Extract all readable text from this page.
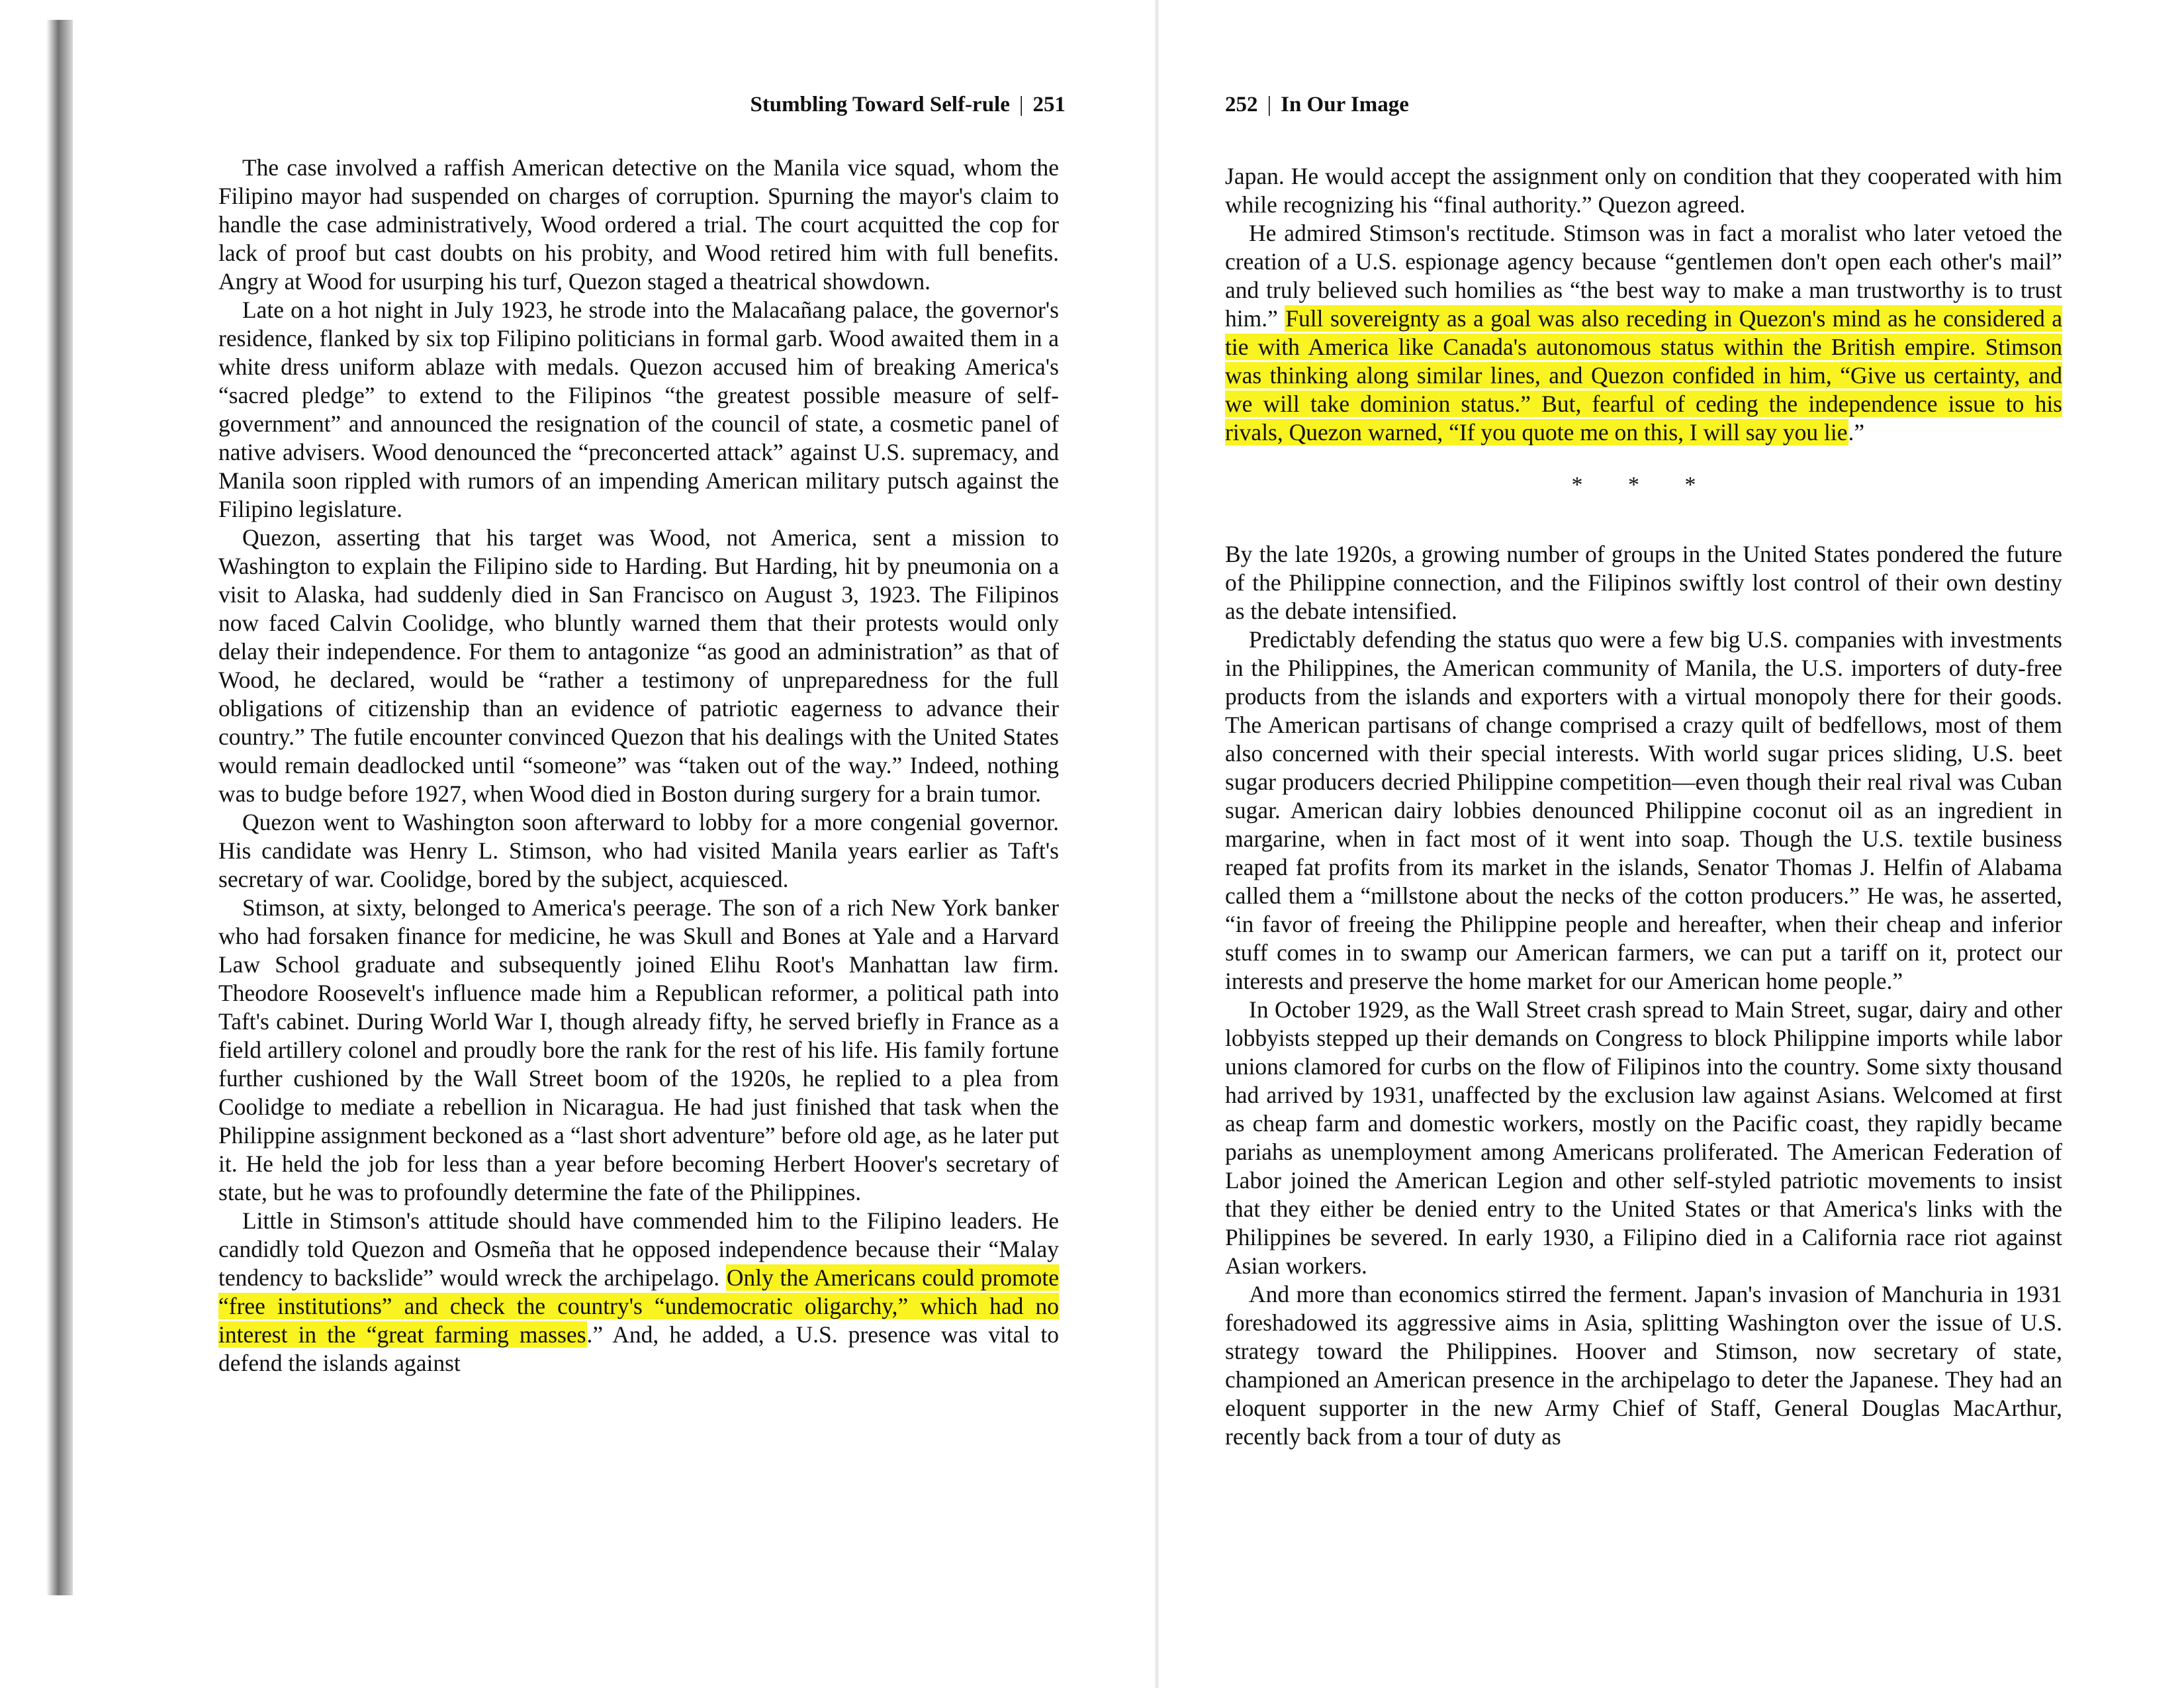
Stumbling Toward Self-rule | 251

The case involved a raffish American detective on the Manila vice squad, whom the Filipino mayor had suspended on charges of corruption. Spurning the mayor's claim to handle the case administratively, Wood ordered a trial. The court acquitted the cop for lack of proof but cast doubts on his probity, and Wood retired him with full benefits. Angry at Wood for usurping his turf, Quezon staged a theatrical showdown.

Late on a hot night in July 1923, he strode into the Malacañang palace, the governor's residence, flanked by six top Filipino politicians in formal garb. Wood awaited them in a white dress uniform ablaze with medals. Quezon accused him of breaking America's “sacred pledge” to extend to the Filipinos “the greatest possible measure of self-government” and announced the resignation of the council of state, a cosmetic panel of native advisers. Wood denounced the “preconcerted attack” against U.S. supremacy, and Manila soon rippled with rumors of an impending American military putsch against the Filipino legislature.

Quezon, asserting that his target was Wood, not America, sent a mission to Washington to explain the Filipino side to Harding. But Harding, hit by pneumonia on a visit to Alaska, had suddenly died in San Francisco on August 3, 1923. The Filipinos now faced Calvin Coolidge, who bluntly warned them that their protests would only delay their independence. For them to antagonize “as good an administration” as that of Wood, he declared, would be “rather a testimony of unpreparedness for the full obligations of citizenship than an evidence of patriotic eagerness to advance their country.” The futile encounter convinced Quezon that his dealings with the United States would remain deadlocked until “someone” was “taken out of the way.” Indeed, nothing was to budge before 1927, when Wood died in Boston during surgery for a brain tumor.

Quezon went to Washington soon afterward to lobby for a more congenial governor. His candidate was Henry L. Stimson, who had visited Manila years earlier as Taft's secretary of war. Coolidge, bored by the subject, acquiesced.

Stimson, at sixty, belonged to America's peerage. The son of a rich New York banker who had forsaken finance for medicine, he was Skull and Bones at Yale and a Harvard Law School graduate and subsequently joined Elihu Root's Manhattan law firm. Theodore Roosevelt's influence made him a Republican reformer, a political path into Taft's cabinet. During World War I, though already fifty, he served briefly in France as a field artillery colonel and proudly bore the rank for the rest of his life. His family fortune further cushioned by the Wall Street boom of the 1920s, he replied to a plea from Coolidge to mediate a rebellion in Nicaragua. He had just finished that task when the Philippine assignment beckoned as a “last short adventure” before old age, as he later put it. He held the job for less than a year before becoming Herbert Hoover's secretary of state, but he was to profoundly determine the fate of the Philippines.

Little in Stimson's attitude should have commended him to the Filipino leaders. He candidly told Quezon and Osmeña that he opposed independence because their “Malay tendency to backslide” would wreck the archipelago. Only the Americans could promote “free institutions” and check the country's “undemocratic oligarchy,” which had no interest in the “great farming masses.” And, he added, a U.S. presence was vital to defend the islands against

252 | In Our Image

Japan. He would accept the assignment only on condition that they cooperated with him while recognizing his “final authority.” Quezon agreed.

He admired Stimson's rectitude. Stimson was in fact a moralist who later vetoed the creation of a U.S. espionage agency because “gentlemen don't open each other's mail” and truly believed such homilies as “the best way to make a man trustworthy is to trust him.” Full sovereignty as a goal was also receding in Quezon's mind as he considered a tie with America like Canada's autonomous status within the British empire. Stimson was thinking along similar lines, and Quezon confided in him, “Give us certainty, and we will take dominion status.” But, fearful of ceding the independence issue to his rivals, Quezon warned, “If you quote me on this, I will say you lie.”

* * *

By the late 1920s, a growing number of groups in the United States pondered the future of the Philippine connection, and the Filipinos swiftly lost control of their own destiny as the debate intensified.

Predictably defending the status quo were a few big U.S. companies with investments in the Philippines, the American community of Manila, the U.S. importers of duty-free products from the islands and exporters with a virtual monopoly there for their goods. The American partisans of change comprised a crazy quilt of bedfellows, most of them also concerned with their special interests. With world sugar prices sliding, U.S. beet sugar producers decried Philippine competition—even though their real rival was Cuban sugar. American dairy lobbies denounced Philippine coconut oil as an ingredient in margarine, when in fact most of it went into soap. Though the U.S. textile business reaped fat profits from its market in the islands, Senator Thomas J. Helfin of Alabama called them a “millstone about the necks of the cotton producers.” He was, he asserted, “in favor of freeing the Philippine people and hereafter, when their cheap and inferior stuff comes in to swamp our American farmers, we can put a tariff on it, protect our interests and preserve the home market for our American home people.”

In October 1929, as the Wall Street crash spread to Main Street, sugar, dairy and other lobbyists stepped up their demands on Congress to block Philippine imports while labor unions clamored for curbs on the flow of Filipinos into the country. Some sixty thousand had arrived by 1931, unaffected by the exclusion law against Asians. Welcomed at first as cheap farm and domestic workers, mostly on the Pacific coast, they rapidly became pariahs as unemployment among Americans proliferated. The American Federation of Labor joined the American Legion and other self-styled patriotic movements to insist that they either be denied entry to the United States or that America's links with the Philippines be severed. In early 1930, a Filipino died in a California race riot against Asian workers.

And more than economics stirred the ferment. Japan's invasion of Manchuria in 1931 foreshadowed its aggressive aims in Asia, splitting Washington over the issue of U.S. strategy toward the Philippines. Hoover and Stimson, now secretary of state, championed an American presence in the archipelago to deter the Japanese. They had an eloquent supporter in the new Army Chief of Staff, General Douglas MacArthur, recently back from a tour of duty as
